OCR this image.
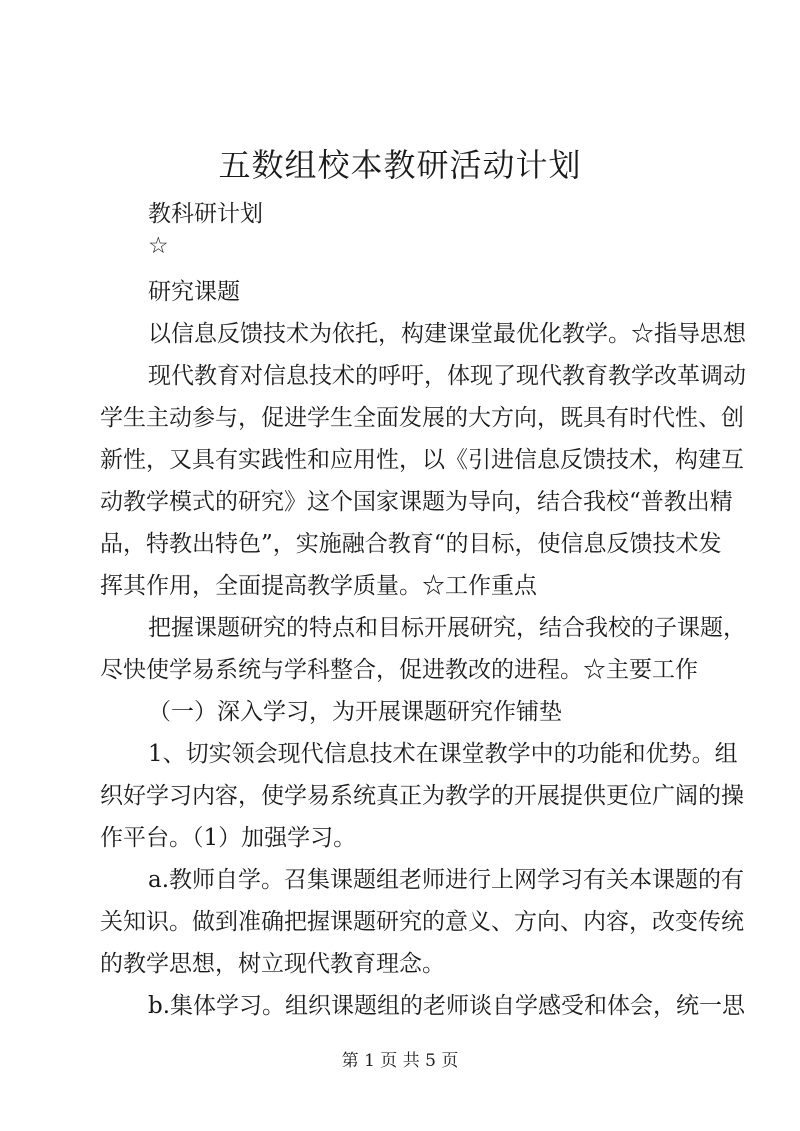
五数组校本教研活动计划
教科研计划
☆
研究课题
以信息反馈技术为依托，构建课堂最优化教学。☆指导思想
现代教育对信息技术的呼吁，体现了现代教育教学改革调动
学生主动参与，促进学生全面发展的大方向，既具有时代性、创
新性，又具有实践性和应用性，以《引进信息反馈技术，构建互
动教学模式的研究》这个国家课题为导向，结合我校“普教出精
品，特教出特色”，实施融合教育“的目标，使信息反馈技术发
挥其作用，全面提高教学质量。☆工作重点
把握课题研究的特点和目标开展研究，结合我校的子课题，
尽快使学易系统与学科整合，促进教改的进程。☆主要工作
（一）深入学习，为开展课题研究作铺垫
1、切实领会现代信息技术在课堂教学中的功能和优势。组
织好学习内容，使学易系统真正为教学的开展提供更位广阔的操
作平台。（1）加强学习。
a.教师自学。召集课题组老师进行上网学习有关本课题的有
关知识。做到准确把握课题研究的意义、方向、内容，改变传统
的教学思想，树立现代教育理念。
b.集体学习。组织课题组的老师谈自学感受和体会，统一思
第 1 页 共 5 页
